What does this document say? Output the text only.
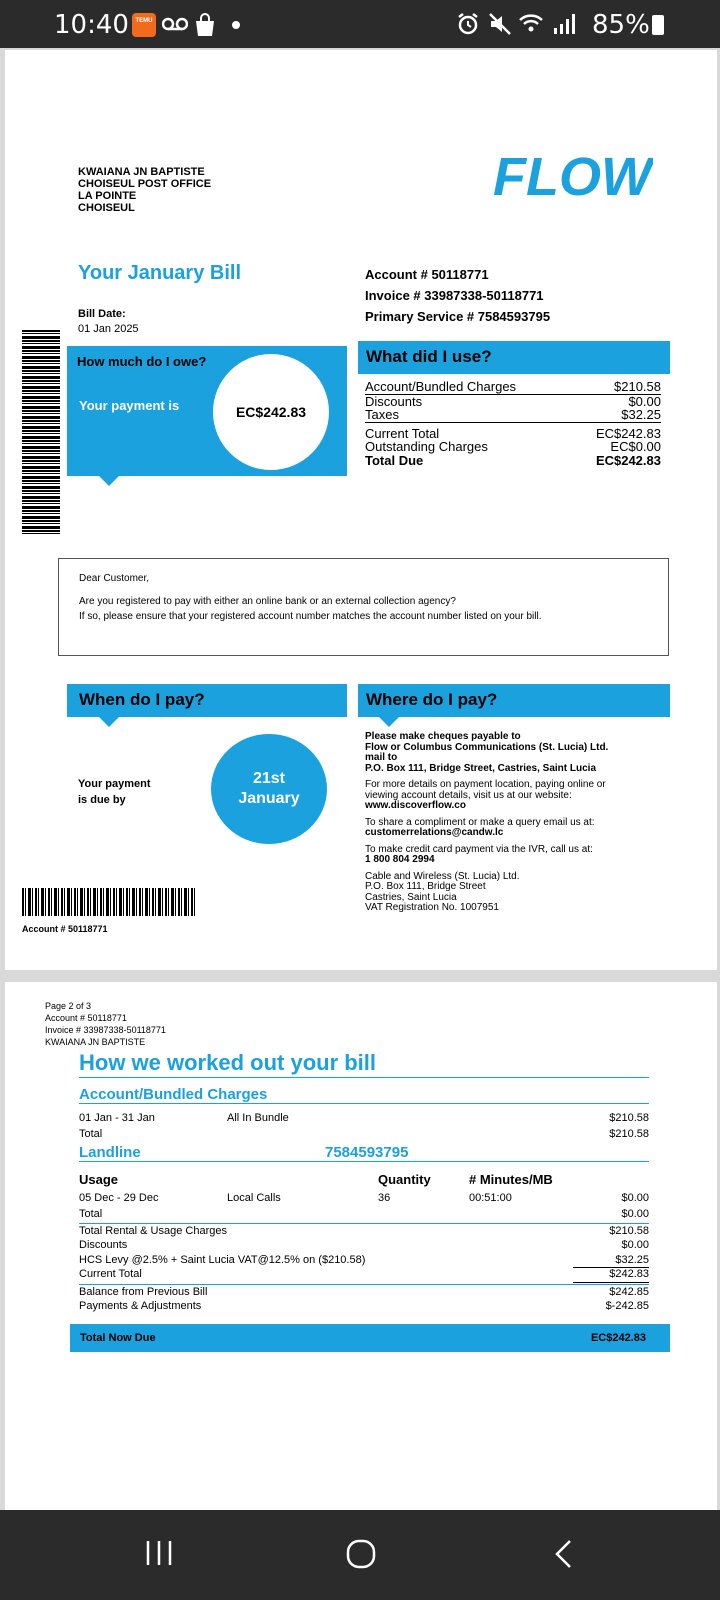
10:40	TEMU	85%
KWAIANA JN BAPTISTE
CHOISEUL POST OFFICE
LA POINTE
CHOISEUL
FLOW
Your January Bill
Bill Date:
01 Jan 2025
Account # 50118771
Invoice # 33987338-50118771
Primary Service # 7584593795
How much do I owe?
Your payment is	EC$242.83
What did I use?
Account/Bundled Charges	$210.58
Discounts	$0.00
Taxes	$32.25
Current Total	EC$242.83
Outstanding Charges	EC$0.00
Total Due	EC$242.83

Dear Customer,

Are you registered to pay with either an online bank or an external collection agency?

If so, please ensure that your registered account number matches the account number listed on your bill.

When do I pay?	Where do I pay?
Your payment
is due by
21st
January
Please make cheques payable to
Flow or Columbus Communications (St. Lucia) Ltd.
mail to
P.O. Box 111, Bridge Street, Castries, Saint Lucia
For more details on payment location, paying online or
viewing account details, visit us at our website:
www.discoverflow.co
To share a compliment or make a query email us at:
customerrelations@candw.lc
To make credit card payment via the IVR, call us at:
1 800 804 2994
Cable and Wireless (St. Lucia) Ltd.
P.O. Box 111, Bridge Street
Castries, Saint Lucia
VAT Registration No. 1007951
Account # 50118771
Page 2 of 3
Account # 50118771
Invoice # 33987338-50118771
KWAIANA JN BAPTISTE
How we worked out your bill
Account/Bundled Charges
01 Jan - 31 Jan	All In Bundle	$210.58
Total	$210.58
Landline	7584593795
Usage	Quantity	# Minutes/MB
05 Dec - 29 Dec	Local Calls	36	00:51:00	$0.00
Total	$0.00
Total Rental & Usage Charges	$210.58
Discounts	$0.00
HCS Levy @2.5% + Saint Lucia VAT@12.5% on ($210.58)	$32.25
Current Total	$242.83
Balance from Previous Bill	$242.85
Payments & Adjustments	$-242.85
Total Now Due	EC$242.83
